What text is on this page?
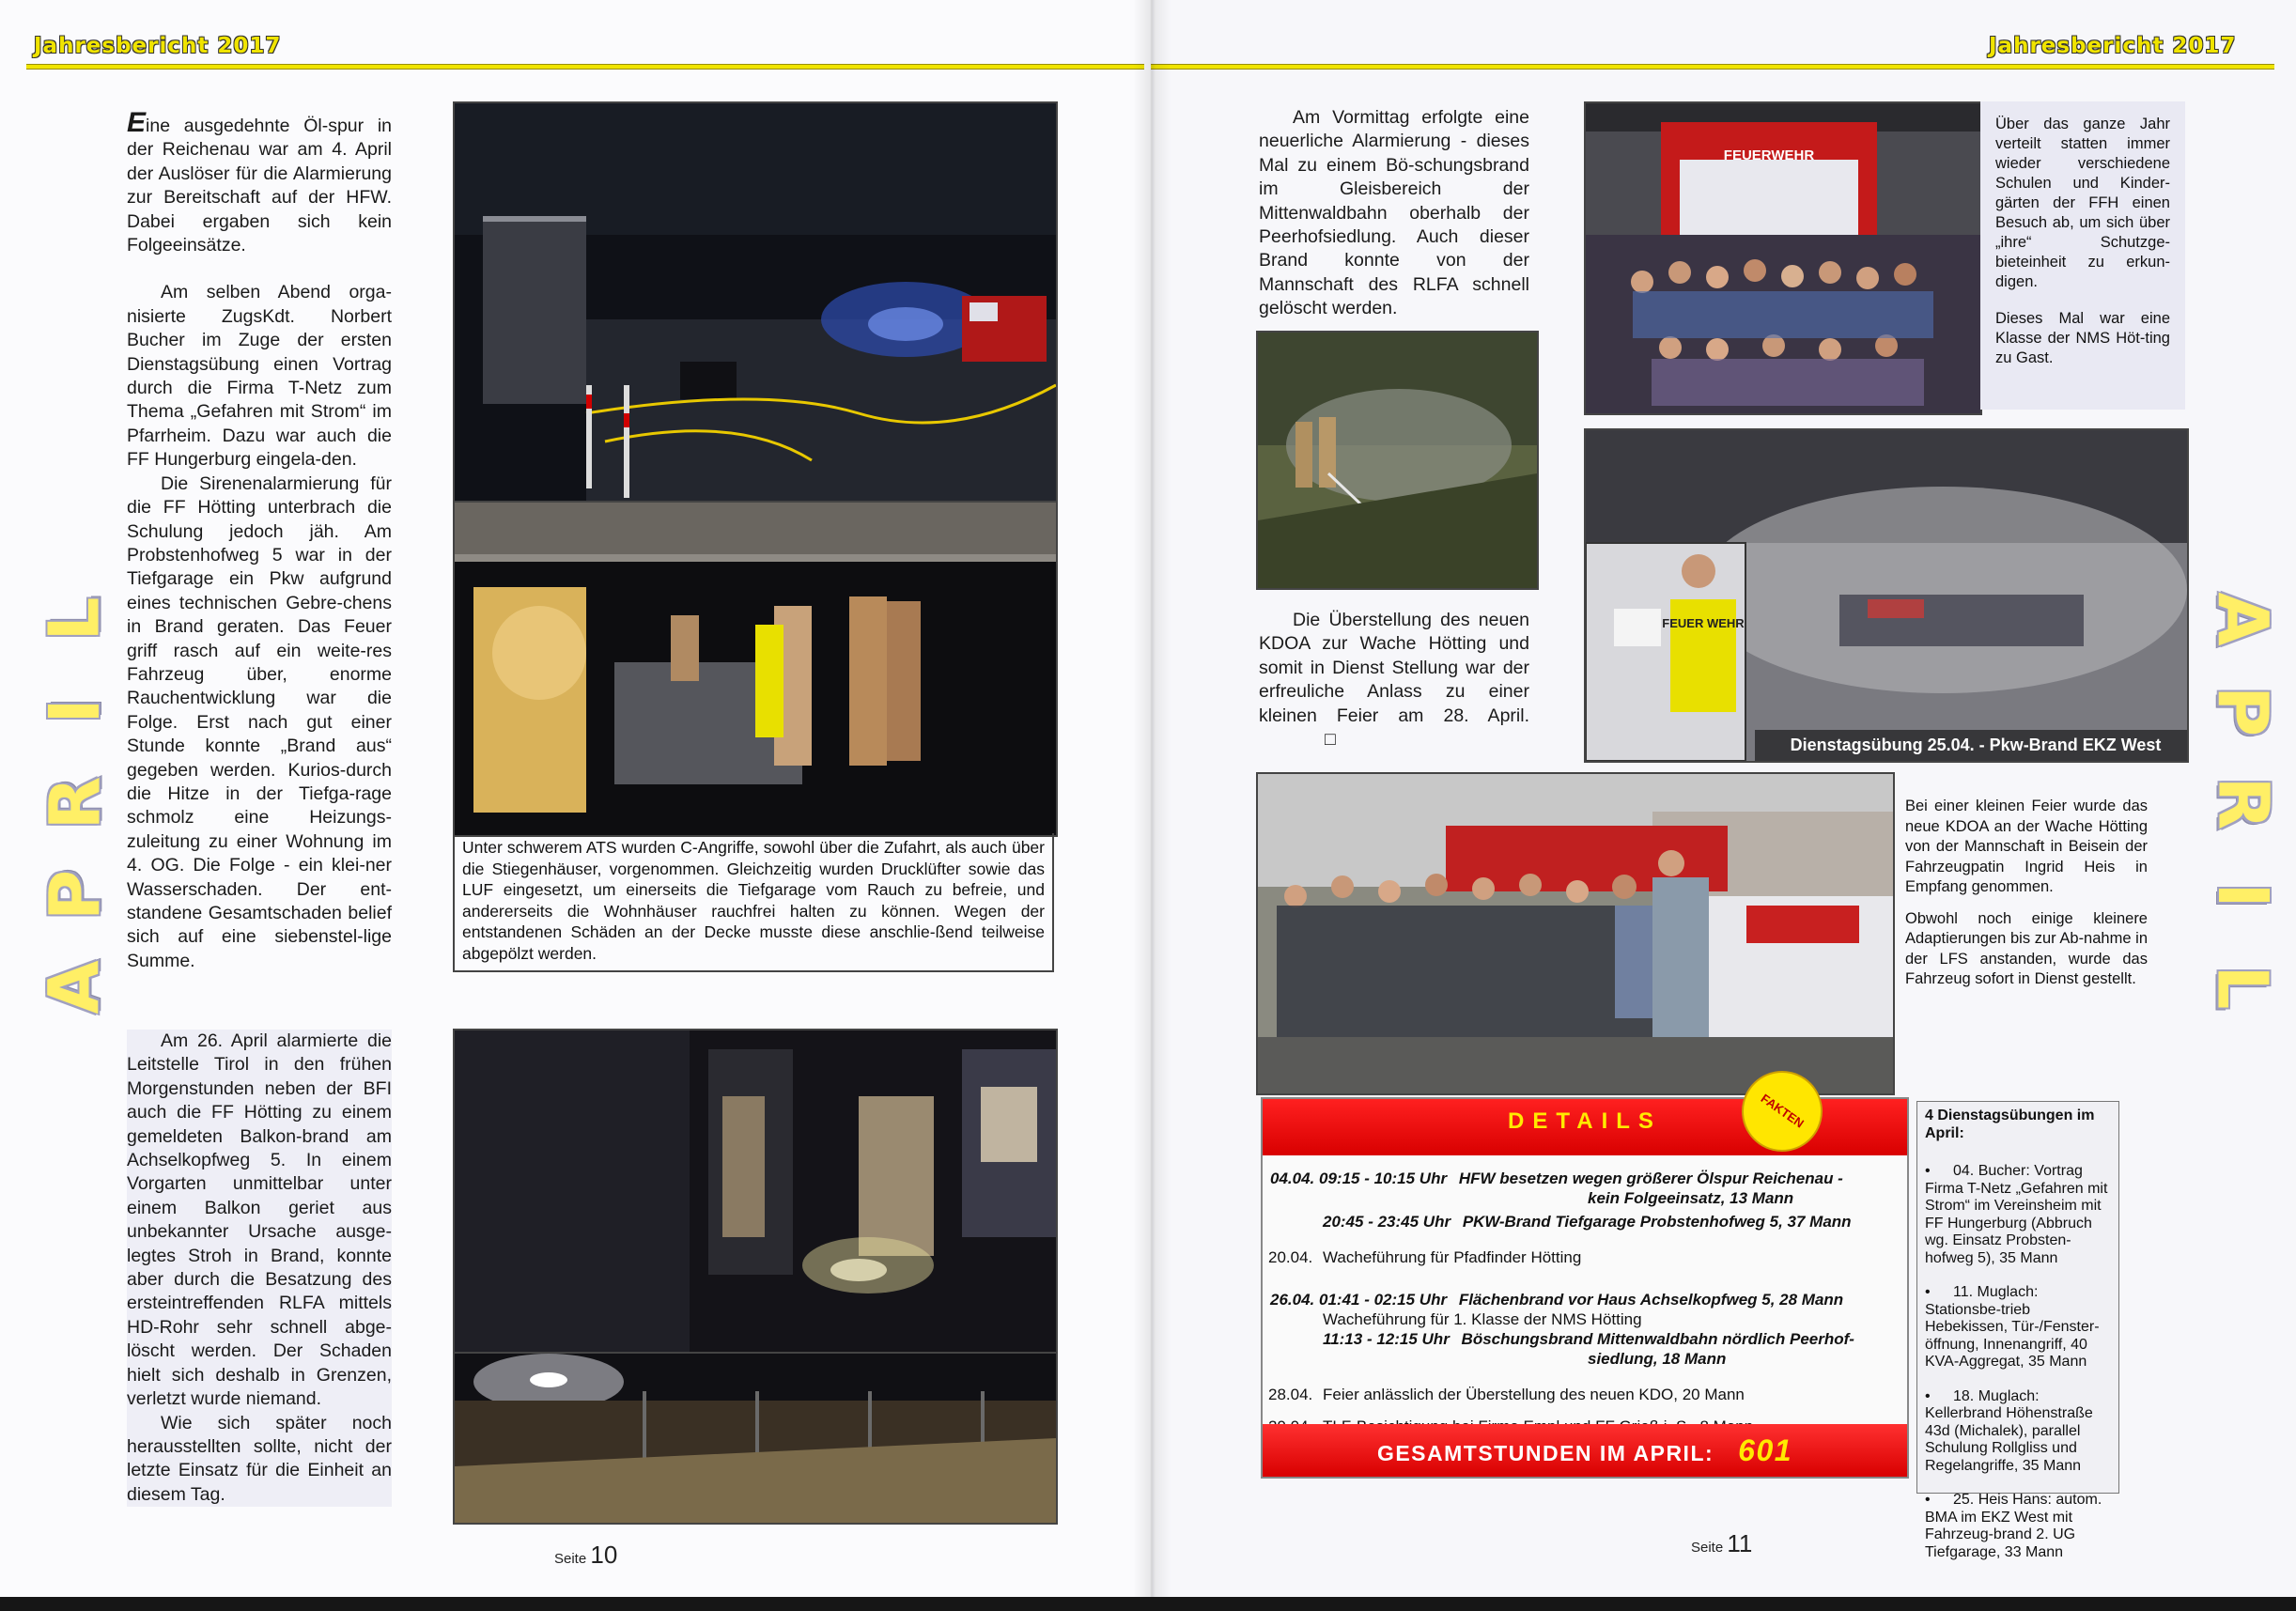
Jahresbericht 2017
L
I
R
P
A

Eine ausgedehnte Öl-spur in der Reichenau war am 4. April der Auslöser für die Alarmierung zur Bereitschaft auf der HFW. Dabei ergaben sich kein Folgeeinsätze.

Am selben Abend orga-nisierte ZugsKdt. Norbert Bucher im Zuge der ersten Dienstagsübung einen Vortrag durch die Firma T-Netz zum Thema „Gefahren mit Strom“ im Pfarrheim. Dazu war auch die FF Hungerburg eingela-den.

Die Sirenenalarmierung für die FF Hötting unterbrach die Schulung jedoch jäh. Am Probstenhofweg 5 war in der Tiefgarage ein Pkw aufgrund eines technischen Gebre-chens in Brand geraten. Das Feuer griff rasch auf ein weite-res Fahrzeug über, enorme Rauchentwicklung war die Folge. Erst nach gut einer Stunde konnte „Brand aus“ gegeben werden. Kurios-durch die Hitze in der Tiefga-rage schmolz eine Heizungs-zuleitung zu einer Wohnung im 4. OG. Die Folge - ein klei-ner Wasserschaden. Der ent-standene Gesamtschaden belief sich auf eine siebenstel-lige Summe.

Am 26. April alarmierte die Leitstelle Tirol in den frühen Morgenstunden neben der BFI auch die FF Hötting zu einem gemeldeten Balkon-brand am Achselkopfweg 5. In einem Vorgarten unmittelbar unter einem Balkon geriet aus unbekannter Ursache ausge-legtes Stroh in Brand, konnte aber durch die Besatzung des ersteintreffenden RLFA mittels HD-Rohr sehr schnell abge-löscht werden. Der Schaden hielt sich deshalb in Grenzen, verletzt wurde niemand.

Wie sich später noch herausstellten sollte, nicht der letzte Einsatz für die Einheit an diesem Tag.

Unter schwerem ATS wurden C-Angriffe, sowohl über die Zufahrt, als auch über die Stiegenhäuser, vorgenommen. Gleichzeitig wurden Drucklüfter sowie das LUF eingesetzt, um einerseits die Tiefgarage vom Rauch zu befreie, und andererseits die Wohnhäuser rauchfrei halten zu können. Wegen der entstandenen Schäden an der Decke musste diese anschlie-ßend teilweise abgepölzt werden.
Seite 10
Jahresbericht 2017
A
P
R
I
L

Am Vormittag erfolgte eine neuerliche Alarmierung - dieses Mal zu einem Bö-schungsbrand im Gleisbereich der Mittenwaldbahn oberhalb der Peerhofsiedlung. Auch dieser Brand konnte von der Mannschaft des RLFA schnell gelöscht werden.

Die Überstellung des neuen KDOA zur Wache Hötting und somit in Dienst Stellung war der erfreuliche Anlass zu einer kleinen Feier am 28. April. □

FEUERWEHR

Über das ganze Jahr verteilt statten immer wieder verschiedene Schulen und Kinder-gärten der FFH einen Besuch ab, um sich über „ihre“ Schutzge-bieteinheit zu erkun-digen.

Dieses Mal war eine Klasse der NMS Höt-ting zu Gast.

FEUER WEHR
Dienstagsübung 25.04. - Pkw-Brand EKZ West

Bei einer kleinen Feier wurde das neue KDOA an der Wache Hötting von der Mannschaft in Beisein der Fahrzeugpatin Ingrid Heis in Empfang genommen.

Obwohl noch einige kleinere Adaptierungen bis zur Ab-nahme in der LFS anstanden, wurde das Fahrzeug sofort in Dienst gestellt.

DETAILS	FAKTEN
04.04. 09:15 - 10:15 Uhr HFW besetzen wegen größerer Ölspur Reichenau -
kein Folgeeinsatz, 13 Mann
20:45 - 23:45 Uhr PKW-Brand Tiefgarage Probstenhofweg 5, 37 Mann
20.04. Wacheführung für Pfadfinder Hötting
26.04. 01:41 - 02:15 Uhr Flächenbrand vor Haus Achselkopfweg 5, 28 Mann
Wacheführung für 1. Klasse der NMS Hötting
11:13 - 12:15 Uhr Böschungsbrand Mittenwaldbahn nördlich Peerhof-
siedlung, 18 Mann
28.04. Feier anlässlich der Überstellung des neuen KDO, 20 Mann
GESAMTSTUNDEN IM APRIL: 601
4 Dienstagsübungen im April:
• 04. Bucher: Vortrag Firma T-Netz „Gefahren mit Strom“ im Vereinsheim mit FF Hungerburg (Abbruch wg. Einsatz Probsten-hofweg 5), 35 Mann
• 11. Muglach: Stationsbe-trieb Hebekissen, Tür-/Fenster-öffnung, Innenangriff, 40 KVA-Aggregat, 35 Mann
• 18. Muglach: Kellerbrand Höhenstraße 43d (Michalek), parallel Schulung Rollgliss und Regelangriffe, 35 Mann
• 25. Heis Hans: autom. BMA im EKZ West mit Fahrzeug-brand 2. UG Tiefgarage, 33 Mann
Seite 11
